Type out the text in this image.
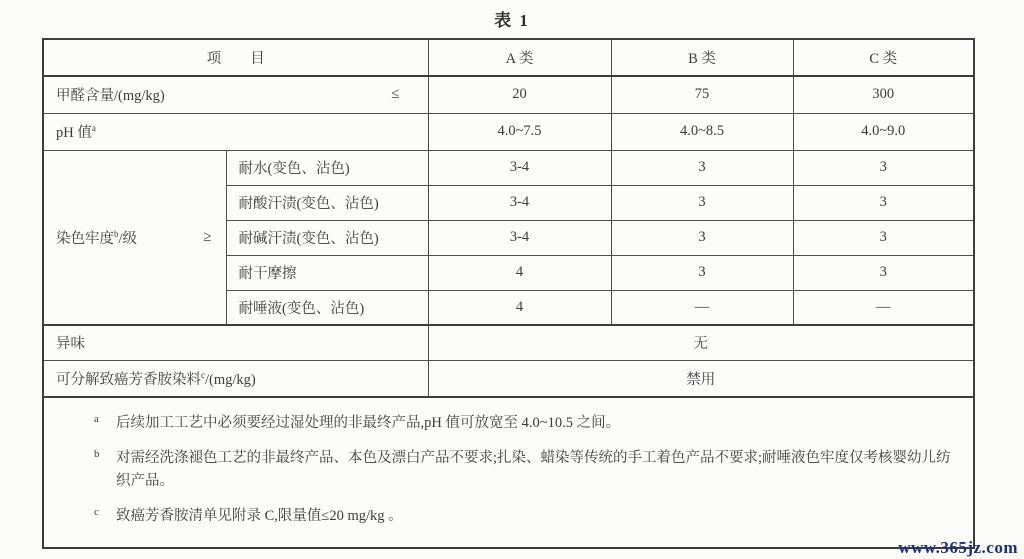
表 1
项　　目		A 类	B 类	C 类

甲醛含量/(mg/kg) ≤		20	75	300
pH 值$^a$		4.0~7.5	4.0~8.5	4.0~9.0

染色牢度$^b$/级 ≥	耐水(变色、沾色)	3-4	3	3
	耐酸汗渍(变色、沾色)	3-4	3	3
	耐碱汗渍(变色、沾色)	3-4	3	3
	耐干摩擦	4	3	3
	耐唾液(变色、沾色)	4	—	—
异味		无		
可分解致癌芳香胺染料$^c$/(mg/kg)		禁用		

a 后续加工工艺中必须要经过湿处理的非最终产品,pH 值可放宽至 4.0~10.5 之间。
b 对需经洗涤褪色工艺的非最终产品、本色及漂白产品不要求;扎染、蜡染等传统的手工着色产品不要求;耐唾液色牢度仅考核婴幼儿纺织产品。
c 致癌芳香胺清单见附录 C,限量值≤20 mg/kg 。
www.365jz.com
